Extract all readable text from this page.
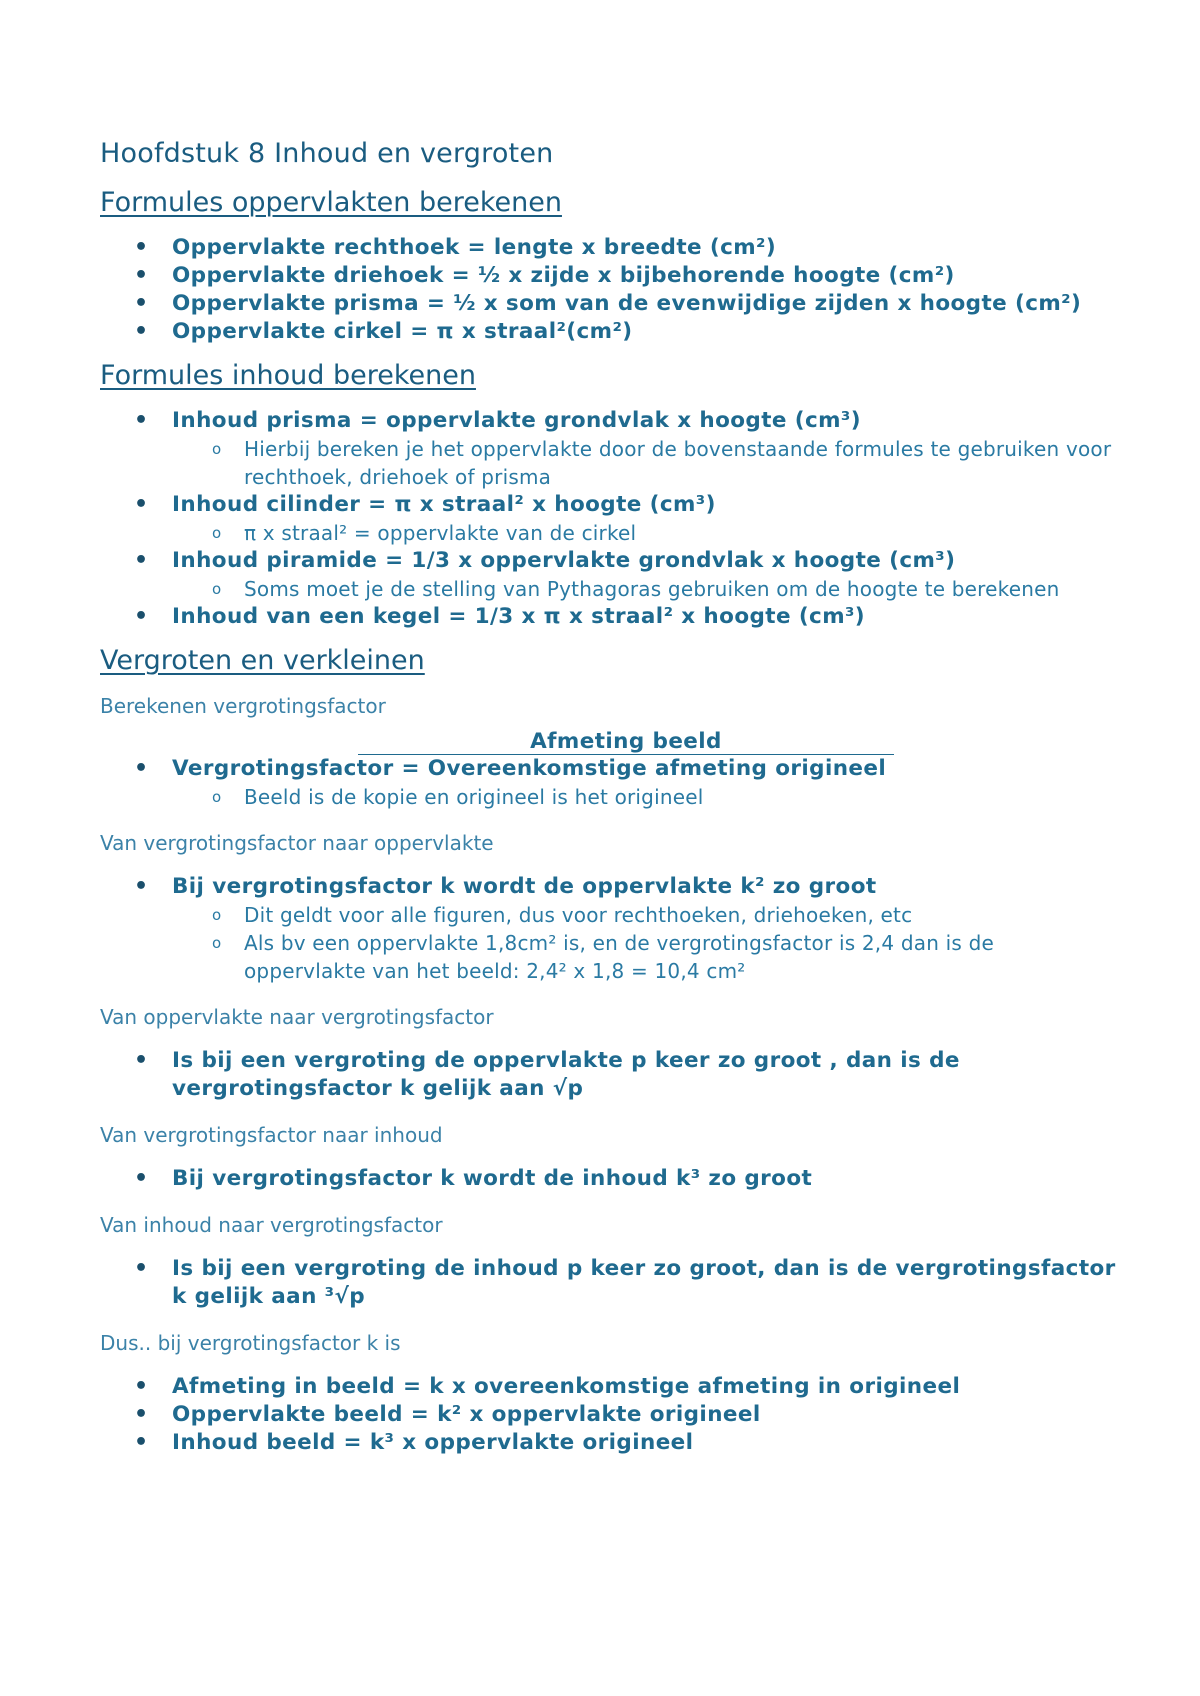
Hoofdstuk 8 Inhoud en vergroten
Formules oppervlakten berekenen
• Oppervlakte rechthoek = lengte x breedte (cm²)
• Oppervlakte driehoek = ½ x zijde x bijbehorende hoogte (cm²)
• Oppervlakte prisma = ½ x som van de evenwijdige zijden x hoogte (cm²)
• Oppervlakte cirkel = π x straal²(cm²)
Formules inhoud berekenen
• Inhoud prisma = oppervlakte grondvlak x hoogte (cm³)
o Hierbij bereken je het oppervlakte door de bovenstaande formules te gebruiken voor rechthoek, driehoek of prisma
• Inhoud cilinder = π x straal² x hoogte (cm³)
o π x straal² = oppervlakte van de cirkel
• Inhoud piramide = 1/3 x oppervlakte grondvlak x hoogte (cm³)
o Soms moet je de stelling van Pythagoras gebruiken om de hoogte te berekenen
• Inhoud van een kegel = 1/3 x π x straal² x hoogte (cm³)
Vergroten en verkleinen
Berekenen vergrotingsfactor
Afmeting beeld
• Vergrotingsfactor = Overeenkomstige afmeting origineel
o Beeld is de kopie en origineel is het origineel
Van vergrotingsfactor naar oppervlakte
• Bij vergrotingsfactor k wordt de oppervlakte k² zo groot
o Dit geldt voor alle figuren, dus voor rechthoeken, driehoeken, etc
o Als bv een oppervlakte 1,8cm² is, en de vergrotingsfactor is 2,4 dan is de oppervlakte van het beeld: 2,4² x 1,8 = 10,4 cm²
Van oppervlakte naar vergrotingsfactor
• Is bij een vergroting de oppervlakte p keer zo groot , dan is de vergrotingsfactor k gelijk aan √p
Van vergrotingsfactor naar inhoud
• Bij vergrotingsfactor k wordt de inhoud k³ zo groot
Van inhoud naar vergrotingsfactor
• Is bij een vergroting de inhoud p keer zo groot, dan is de vergrotingsfactor k gelijk aan ³√p
Dus.. bij vergrotingsfactor k is
• Afmeting in beeld = k x overeenkomstige afmeting in origineel
• Oppervlakte beeld = k² x oppervlakte origineel
• Inhoud beeld = k³ x oppervlakte origineel
